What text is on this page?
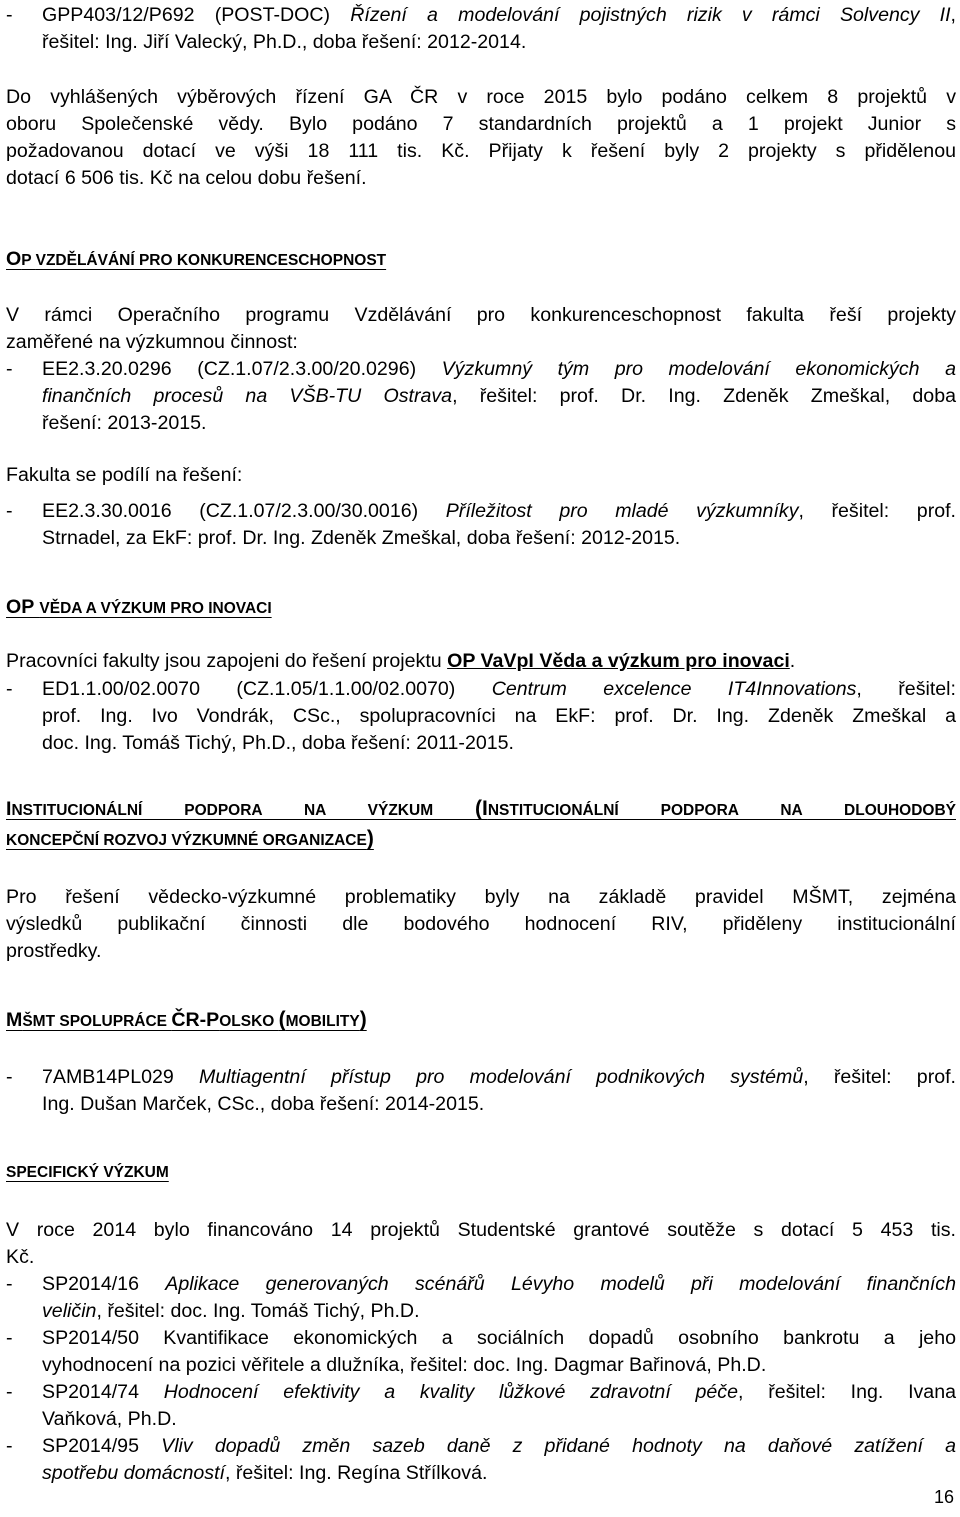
-	GPP403/12/P692 (POST-DOC) Řízení a modelování pojistných rizik v rámci Solvency II,
řešitel: Ing. Jiří Valecký, Ph.D., doba řešení: 2012-2014.
Do vyhlášených výběrových řízení GA ČR v roce 2015 bylo podáno celkem 8 projektů v
oboru Společenské vědy. Bylo podáno 7 standardních projektů a 1 projekt Junior s
požadovanou dotací ve výši 18 111 tis. Kč. Přijaty k řešení byly 2 projekty s přidělenou
dotací 6 506 tis. Kč na celou dobu řešení.
OP VZDĚLÁVÁNÍ PRO KONKURENCESCHOPNOST
V rámci Operačního programu Vzdělávání pro konkurenceschopnost fakulta řeší projekty
zaměřené na výzkumnou činnost:
-	EE2.3.20.0296 (CZ.1.07/2.3.00/20.0296) Výzkumný tým pro modelování ekonomických a
finančních procesů na VŠB-TU Ostrava, řešitel: prof. Dr. Ing. Zdeněk Zmeškal, doba
řešení: 2013-2015.
Fakulta se podílí na řešení:
-	EE2.3.30.0016 (CZ.1.07/2.3.00/30.0016) Příležitost pro mladé výzkumníky, řešitel: prof.
Strnadel, za EkF: prof. Dr. Ing. Zdeněk Zmeškal, doba řešení: 2012-2015.
OP VĚDA A VÝZKUM PRO INOVACI
Pracovníci fakulty jsou zapojeni do řešení projektu OP VaVpI Věda a výzkum pro inovaci.
-	ED1.1.00/02.0070 (CZ.1.05/1.1.00/02.0070) Centrum excelence IT4Innovations, řešitel:
prof. Ing. Ivo Vondrák, CSc., spolupracovníci na EkF: prof. Dr. Ing. Zdeněk Zmeškal a
doc. Ing. Tomáš Tichý, Ph.D., doba řešení: 2011-2015.
INSTITUCIONÁLNÍ PODPORA NA VÝZKUM (INSTITUCIONÁLNÍ PODPORA NA DLOUHODOBÝ
KONCEPČNÍ ROZVOJ VÝZKUMNÉ ORGANIZACE)
Pro řešení vědecko-výzkumné problematiky byly na základě pravidel MŠMT, zejména
výsledků publikační činnosti dle bodového hodnocení RIV, přiděleny institucionální
prostředky.
MŠMT SPOLUPRÁCE ČR-POLSKO (MOBILITY)
-	7AMB14PL029 Multiagentní přístup pro modelování podnikových systémů, řešitel: prof.
Ing. Dušan Marček, CSc., doba řešení: 2014-2015.
SPECIFICKÝ VÝZKUM
V roce 2014 bylo financováno 14 projektů Studentské grantové soutěže s dotací 5 453 tis.
Kč.
-	SP2014/16 Aplikace generovaných scénářů Lévyho modelů při modelování finančních
veličin, řešitel: doc. Ing. Tomáš Tichý, Ph.D.
-	SP2014/50 Kvantifikace ekonomických a sociálních dopadů osobního bankrotu a jeho
vyhodnocení na pozici věřitele a dlužníka, řešitel: doc. Ing. Dagmar Bařinová, Ph.D.
-	SP2014/74 Hodnocení efektivity a kvality lůžkové zdravotní péče, řešitel: Ing. Ivana
Vaňková, Ph.D.
-	SP2014/95 Vliv dopadů změn sazeb daně z přidané hodnoty na daňové zatížení a
spotřebu domácností, řešitel: Ing. Regína Střílková.
16
